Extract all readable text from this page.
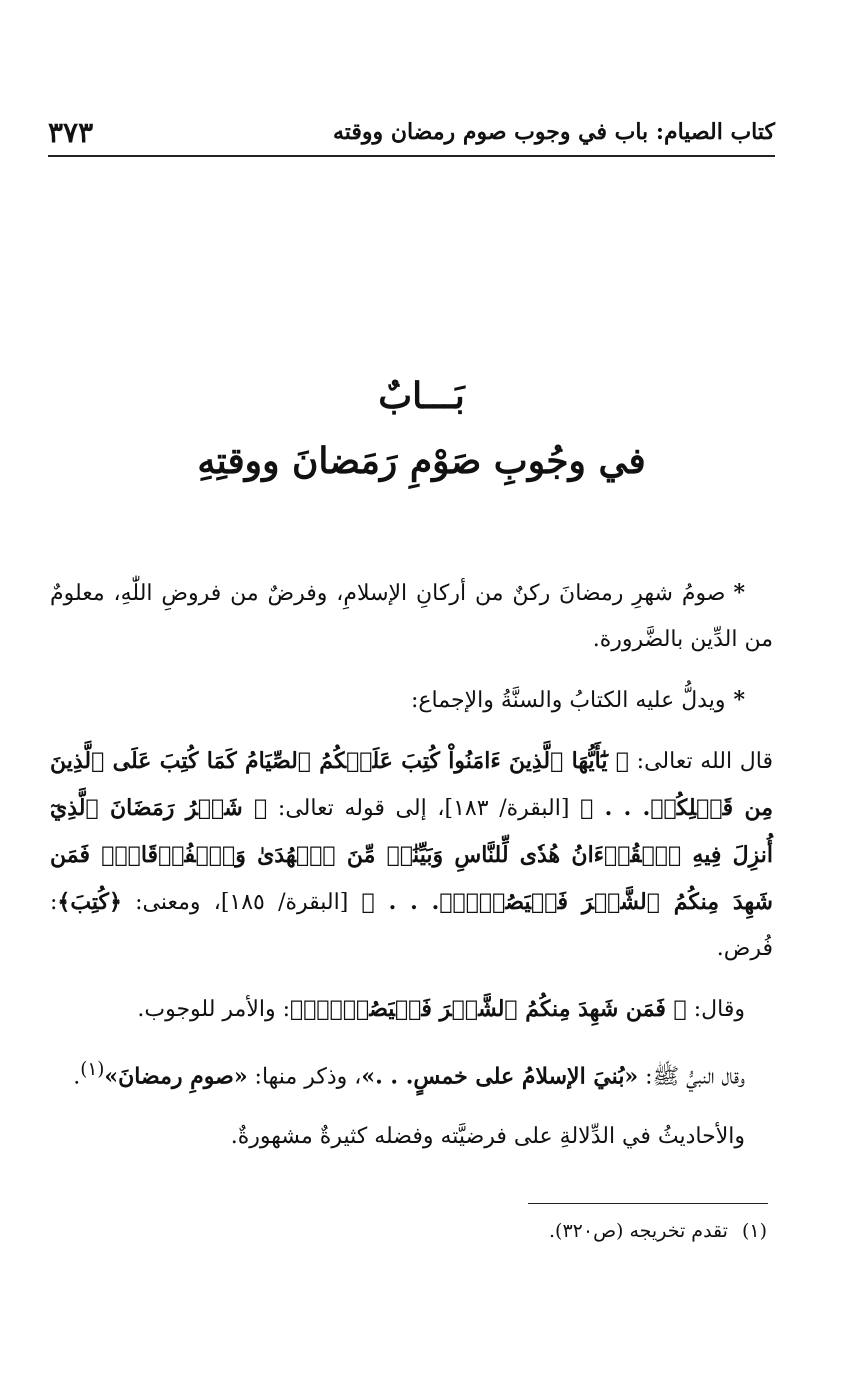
كتاب الصيام: باب في وجوب صوم رمضان ووقته
٣٧٣
بَـــابٌ
في وجُوبِ صَوْمِ رَمَضانَ ووقتِهِ

*صومُ شهرِ رمضانَ ركنٌ من أركانِ الإسلامِ، وفرضٌ من فروضِ اللّٰهِ، معلومٌ من الدِّين بالضَّرورة.

*ويدلُّ عليه الكتابُ والسنَّةُ والإجماع:

قال الله تعالى: ﴿ يَٰٓأَيُّهَا ٱلَّذِينَ ءَامَنُواْ كُتِبَ عَلَيۡكُمُ ٱلصِّيَامُ كَمَا كُتِبَ عَلَى ٱلَّذِينَ مِن قَبۡلِكُمۡ. . . ﴾ [البقرة/ ١٨٣]، إلى قوله تعالى: ﴿ شَهۡرُ رَمَضَانَ ٱلَّذِيٓ أُنزِلَ فِيهِ ٱلۡقُرۡءَانُ هُدٗى لِّلنَّاسِ وَبَيِّنَٰتٖ مِّنَ ٱلۡهُدَىٰ وَٱلۡفُرۡقَانِۚ فَمَن شَهِدَ مِنكُمُ ٱلشَّهۡرَ فَلۡيَصُمۡهُۖ. . . ﴾ [البقرة/ ١٨٥]، ومعنى: ﴿كُتِبَ﴾: فُرض.

وقال: ﴿ فَمَن شَهِدَ مِنكُمُ ٱلشَّهۡرَ فَلۡيَصُمۡهُۖ﴾: والأمر للوجوب.

وقال النبيُّ ﷺ: «بُنيَ الإسلامُ على خمسٍ. . .»، وذكر منها: «صومِ رمضانَ»$^{(١)}$.

والأحاديثُ في الدِّلالةِ على فرضيَّته وفضله كثيرةٌ مشهورةٌ.

(١)تقدم تخريجه (ص٣٢٠).
